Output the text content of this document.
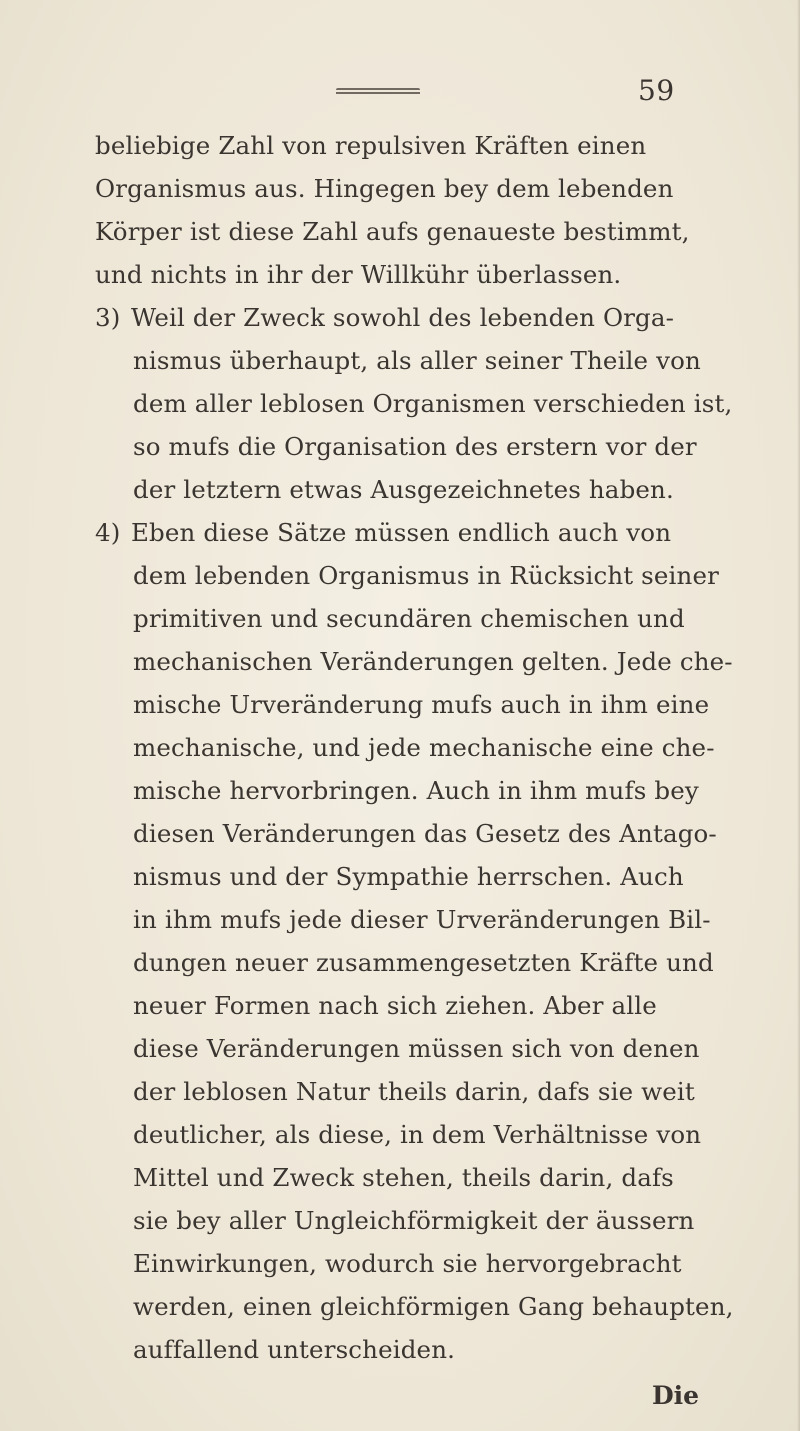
59
beliebige Zahl von repulsiven Kräften einen
Organismus aus. Hingegen bey dem lebenden
Körper ist diese Zahl aufs genaueste bestimmt,
und nichts in ihr der Willkühr überlassen.
3) Weil der Zweck sowohl des lebenden Orga-
nismus überhaupt, als aller seiner Theile von
dem aller leblosen Organismen verschieden ist,
so mufs die Organisation des erstern vor der
der letztern etwas Ausgezeichnetes haben.
4) Eben diese Sätze müssen endlich auch von
dem lebenden Organismus in Rücksicht seiner
primitiven und secundären chemischen und
mechanischen Veränderungen gelten. Jede che-
mische Urveränderung mufs auch in ihm eine
mechanische, und jede mechanische eine che-
mische hervorbringen. Auch in ihm mufs bey
diesen Veränderungen das Gesetz des Antago-
nismus und der Sympathie herrschen. Auch
in ihm mufs jede dieser Urveränderungen Bil-
dungen neuer zusammengesetzten Kräfte und
neuer Formen nach sich ziehen. Aber alle
diese Veränderungen müssen sich von denen
der leblosen Natur theils darin, dafs sie weit
deutlicher, als diese, in dem Verhältnisse von
Mittel und Zweck stehen, theils darin, dafs
sie bey aller Ungleichförmigkeit der äussern
Einwirkungen, wodurch sie hervorgebracht
werden, einen gleichförmigen Gang behaupten,
auffallend unterscheiden.
Die
